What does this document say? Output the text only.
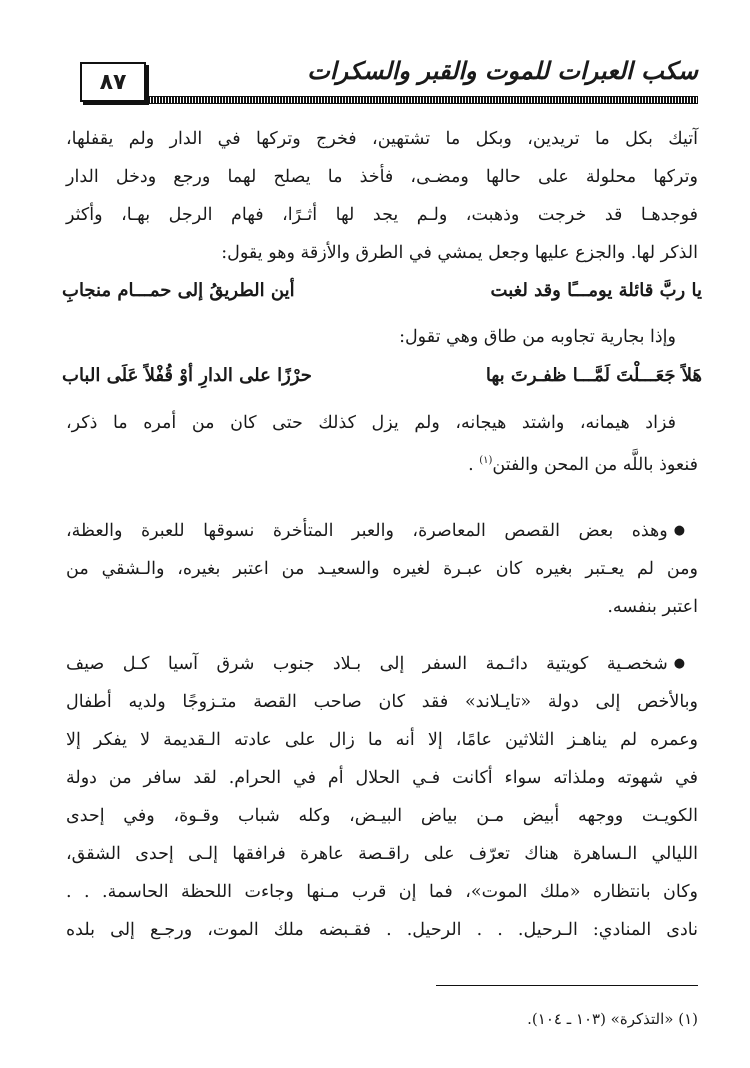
٨٧	سكب العبرات للموت والقبر والسكرات
آتيك بكل ما تريدين، وبكل ما تشتهين، فخرج وتركها في الدار ولم يقفلها،
وتركها محلولة على حالها ومضـى، فأخذ ما يصلح لهما ورجع ودخل الدار
فوجدهـا قد خرجت وذهبت، ولـم يجد لها أثـرًا، فهام الرجل بهـا، وأكثر
الذكر لها. والجزع عليها وجعل يمشي في الطرق والأزقة وهو يقول:
يا ربَّ قائلة يومـــًا وقد لغبت
أين الطريقُ إلى حمـــام منجابِ
وإذا بجارية تجاوبه من طاق وهي تقول:
هَلاً جَعَـــلْتَ لَمَّـــا ظفـرتَ بها
حرْزًا على الدارِ أوْ قُفْلاً عَلَى الباب
فزاد هيمانه، واشتد هيجانه، ولم يزل كذلك حتى كان من أمره ما ذكر،
فنعوذ باللَّه من المحن والفتن$^{(١)}$ .
●وهذه بعض القصص المعاصرة، والعبر المتأخرة نسوقها للعبرة والعظة،
ومن لم يعـتبر بغيره كان عبـرة لغيره والسعيـد من اعتبر بغيره، والـشقي من
اعتبر بنفسه.
●شخصـية كويتية دائـمة السفر إلى بـلاد جنوب شرق آسيا كـل صيف
وبالأخص إلى دولة «تايـلاند» فقد كان صاحب القصة متـزوجًا ولديه أطفال
وعمره لم يناهـز الثلاثين عامًا، إلا أنه ما زال على عادته الـقديمة لا يفكر إلا
في شهوته وملذاته سواء أكانت فـي الحلال أم في الحرام. لقد سافر من دولة
الكويـت ووجهه أبيض مـن بياض البيـض، وكله شباب وقـوة، وفي إحدى
الليالي الـساهرة هناك تعرّف على راقـصة عاهرة فرافقها إلـى إحدى الشقق،
وكان بانتظاره «ملك الموت»، فما إن قرب مـنها وجاءت اللحظة الحاسمة. . .
نادى المنادي: الـرحيل. . . الرحيل. . فقـبضه ملك الموت، ورجـع إلى بلده
(١) «التذكرة» (١٠٣ ـ ١٠٤).
